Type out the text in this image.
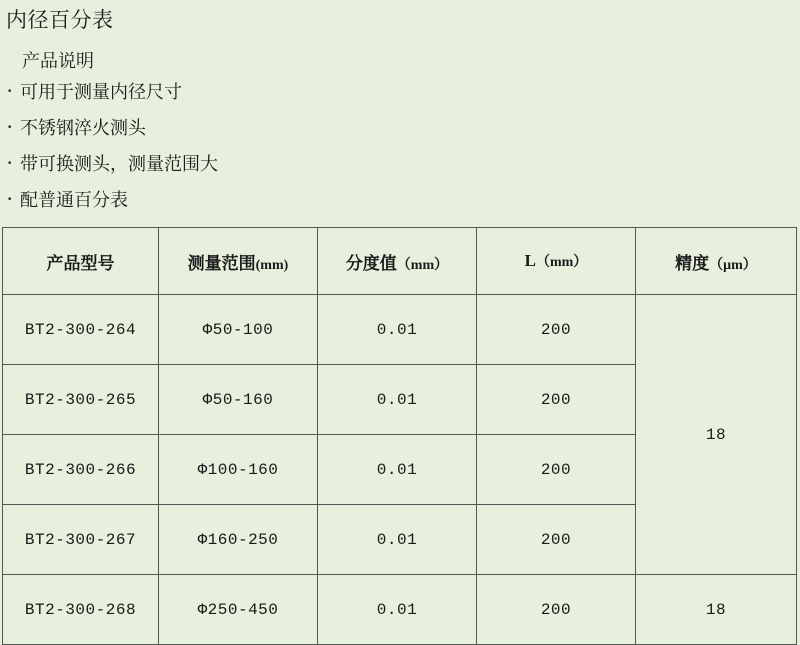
内径百分表
产品说明
· 可用于测量内径尺寸
· 不锈钢淬火测头
· 带可换测头，测量范围大
· 配普通百分表
产品型号	测量范围(mm)	分度值（mm）	L（mm）	精度（μm）
BT2-300-264	Φ50-100	0.01	200	18
BT2-300-265	Φ50-160	0.01	200	
BT2-300-266	Φ100-160	0.01	200	
BT2-300-267	Φ160-250	0.01	200	
BT2-300-268	Φ250-450	0.01	200	18
